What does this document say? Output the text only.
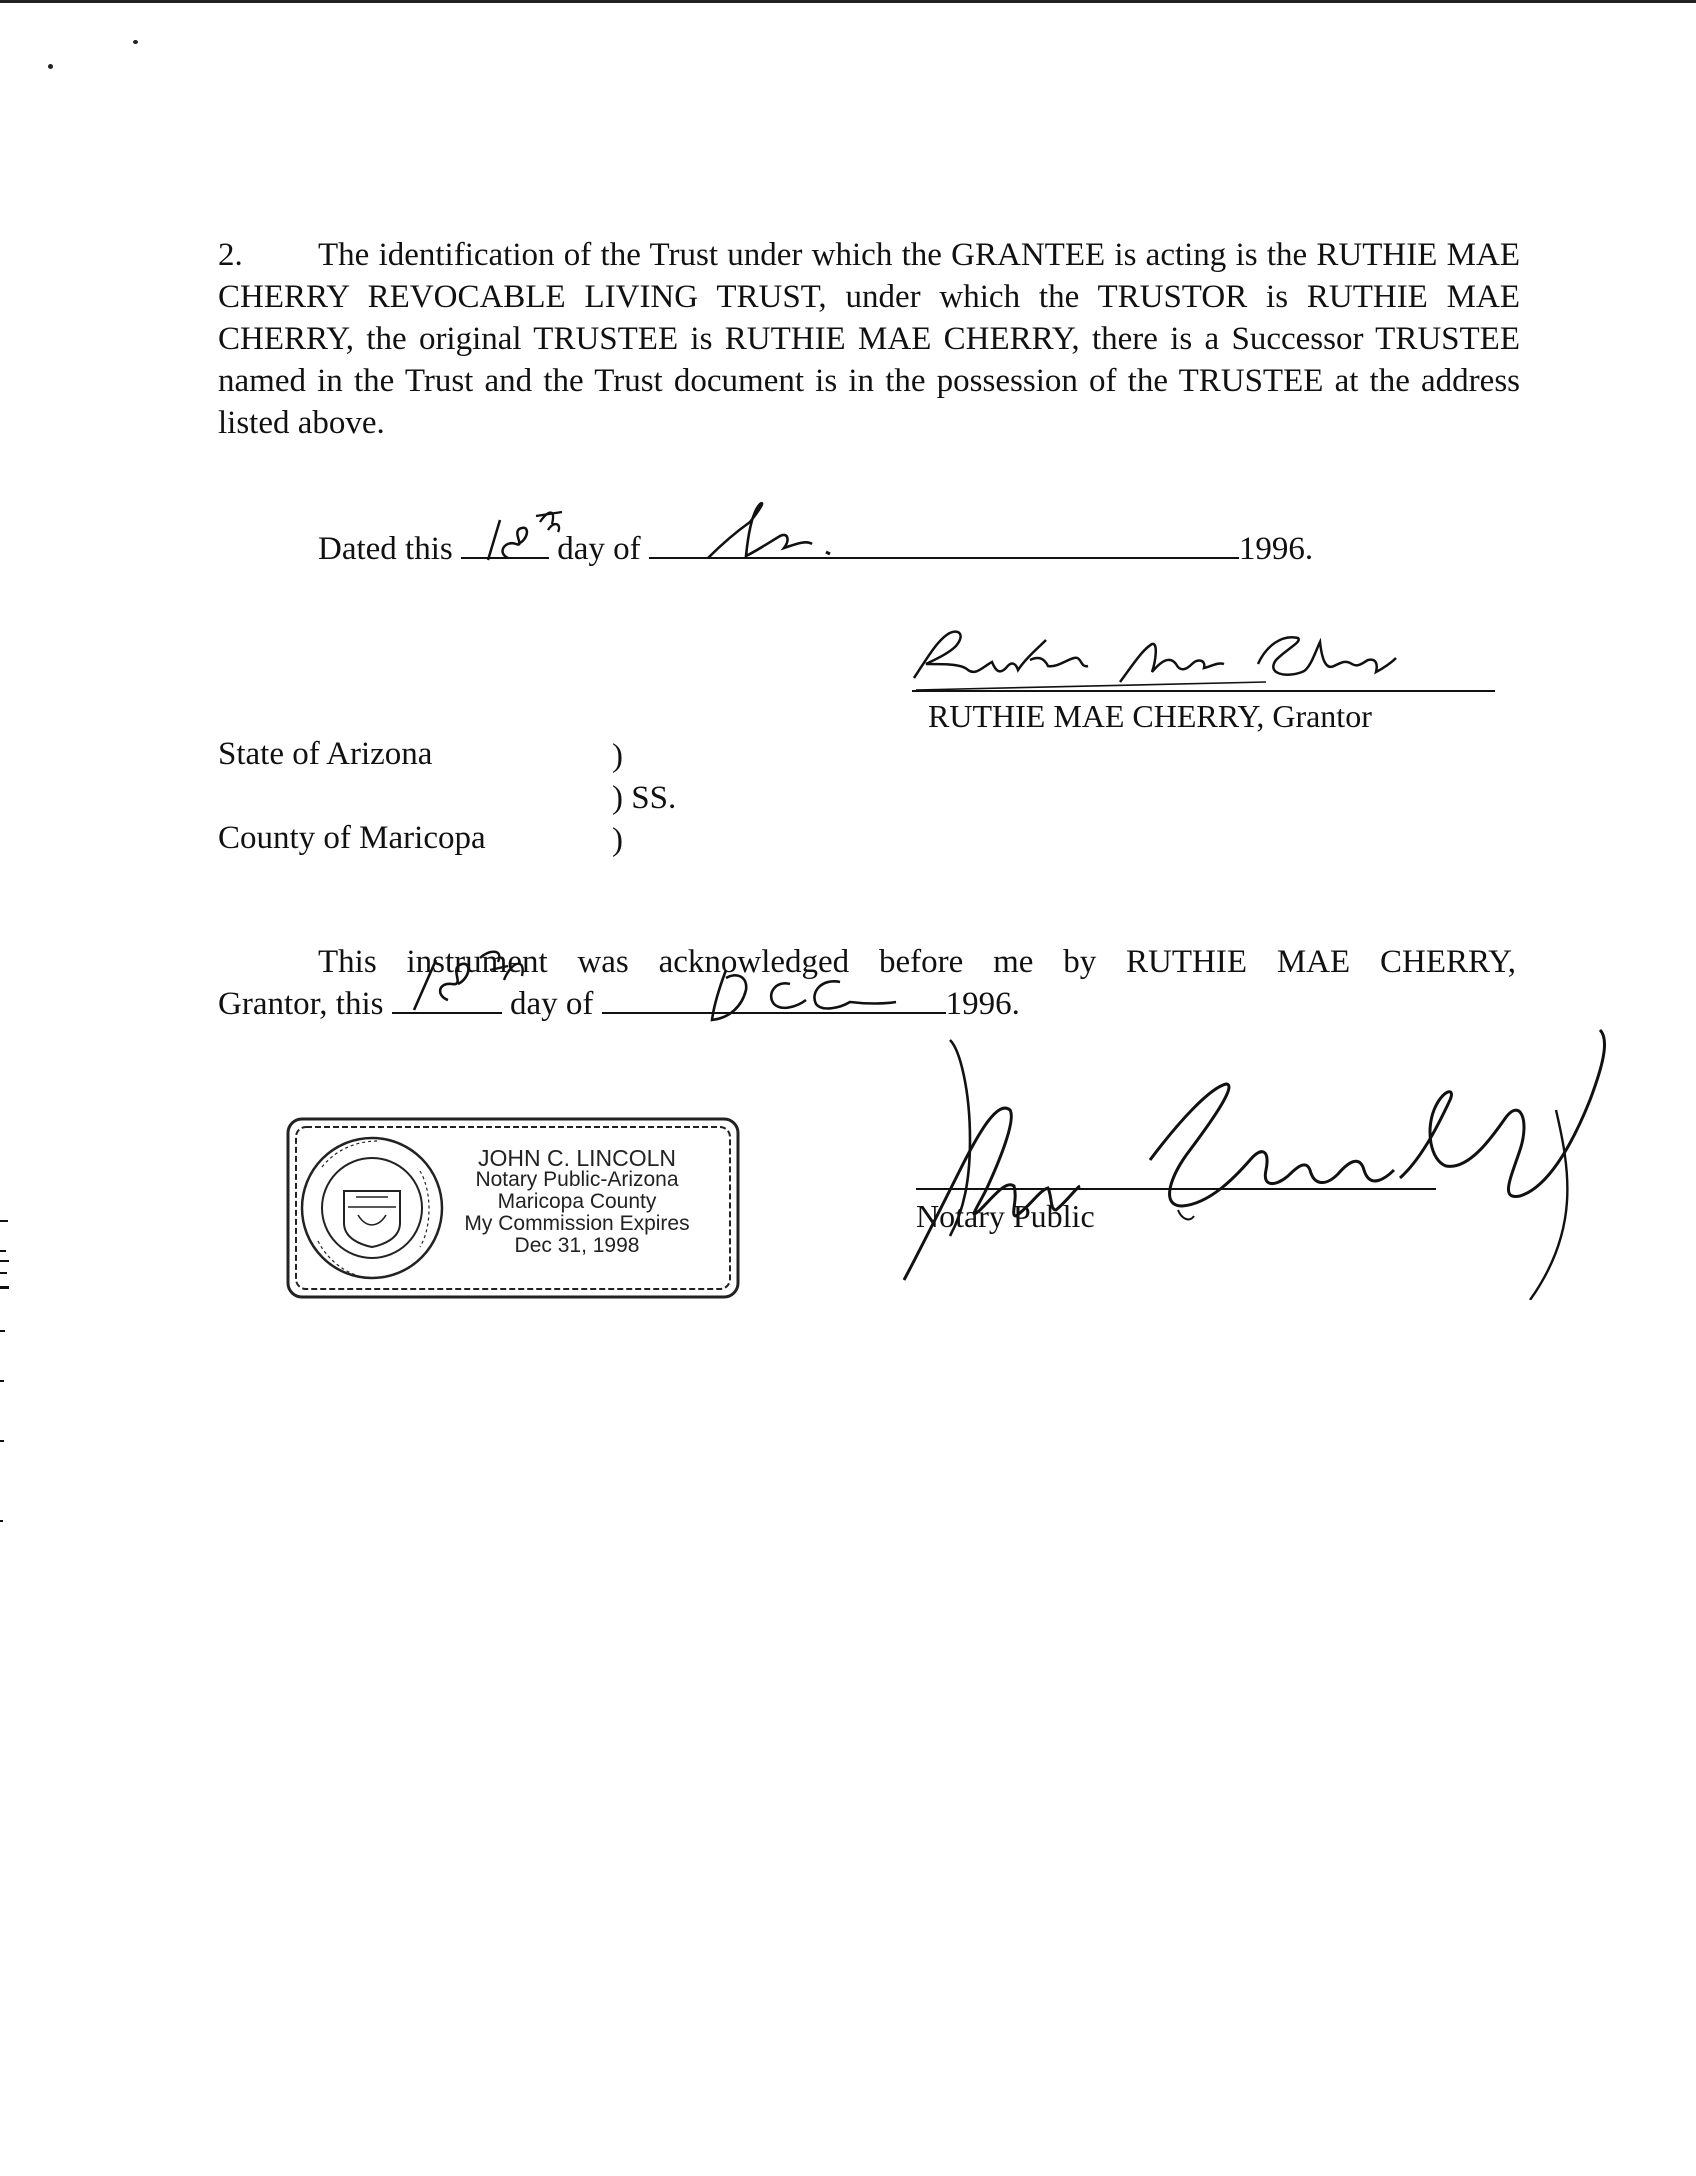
2. The identification of the Trust under which the GRANTEE is acting is the RUTHIE MAE CHERRY REVOCABLE LIVING TRUST, under which the TRUSTOR is RUTHIE MAE CHERRY, the original TRUSTEE is RUTHIE MAE CHERRY, there is a Successor TRUSTEE named in the Trust and the Trust document is in the possession of the TRUSTEE at the address listed above.
Dated this	day of	1996.
RUTHIE MAE CHERRY, Grantor
State of Arizona	)
) SS.
County of Maricopa	)
This instrument was acknowledged before me by RUTHIE MAE CHERRY,
Grantor, this	day of	1996.
Notary Public
JOHN C. LINCOLN
Notary Public-Arizona
Maricopa County
My Commission Expires
Dec 31, 1998
